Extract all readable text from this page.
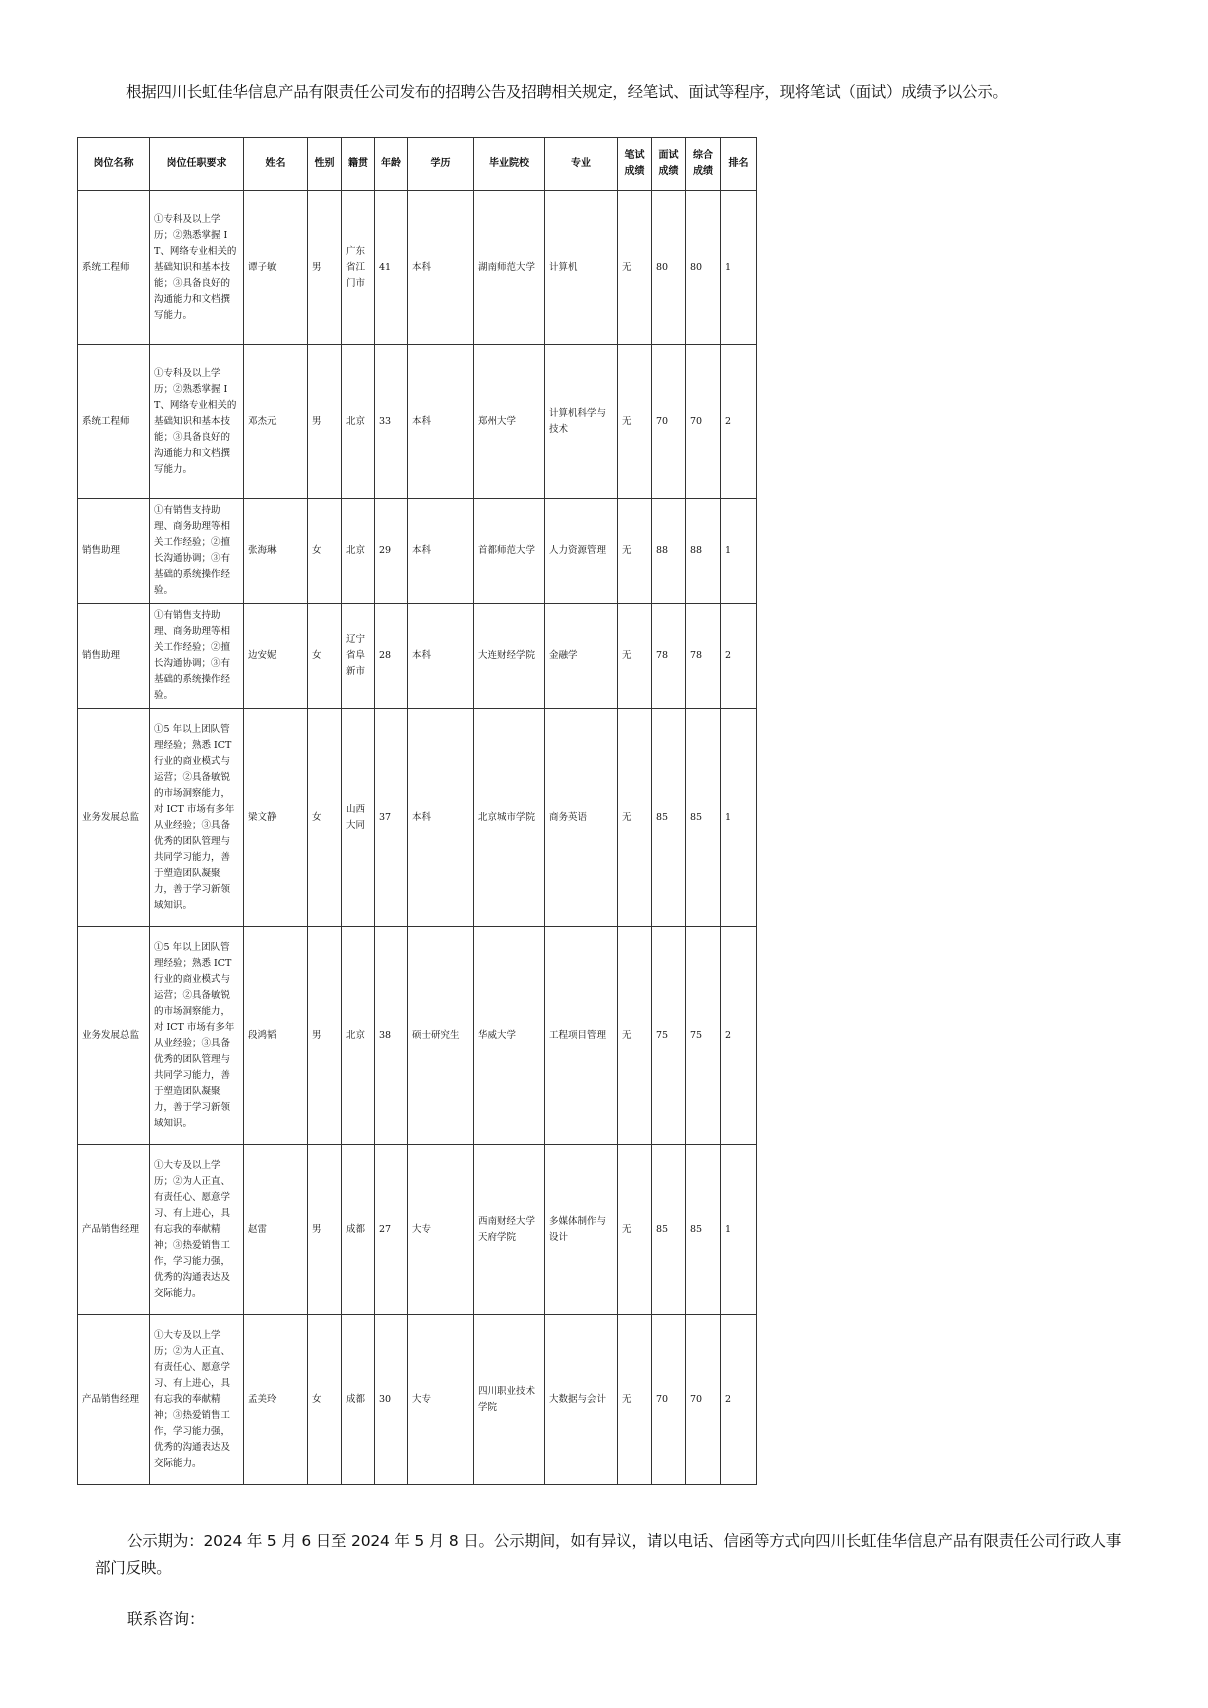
根据四川长虹佳华信息产品有限责任公司发布的招聘公告及招聘相关规定，经笔试、面试等程序，现将笔试（面试）成绩予以公示。
岗位名称	岗位任职要求	姓名	性别	籍贯	年龄	学历	毕业院校	专业	笔试成绩	面试成绩	综合成绩	排名
系统工程师	①专科及以上学历；②熟悉掌握 IT、网络专业相关的基础知识和基本技能；③具备良好的沟通能力和文档撰写能力。	谭子敏	男	广东省江门市	41	本科	湖南师范大学	计算机	无	80	80	1
系统工程师	①专科及以上学历；②熟悉掌握 IT、网络专业相关的基础知识和基本技能；③具备良好的沟通能力和文档撰写能力。	邓杰元	男	北京	33	本科	郑州大学	计算机科学与技术	无	70	70	2
销售助理	①有销售支持助理、商务助理等相关工作经验；②擅长沟通协调；③有基础的系统操作经验。	张海琳	女	北京	29	本科	首都师范大学	人力资源管理	无	88	88	1
销售助理	①有销售支持助理、商务助理等相关工作经验；②擅长沟通协调；③有基础的系统操作经验。	边安妮	女	辽宁省阜新市	28	本科	大连财经学院	金融学	无	78	78	2
业务发展总监	①5 年以上团队管理经验；熟悉 ICT 行业的商业模式与运营；②具备敏锐的市场洞察能力，对 ICT 市场有多年从业经验；③具备优秀的团队管理与共同学习能力，善于塑造团队凝聚力，善于学习新领域知识。	梁文静	女	山西大同	37	本科	北京城市学院	商务英语	无	85	85	1
业务发展总监	①5 年以上团队管理经验；熟悉 ICT 行业的商业模式与运营；②具备敏锐的市场洞察能力，对 ICT 市场有多年从业经验；③具备优秀的团队管理与共同学习能力，善于塑造团队凝聚力，善于学习新领域知识。	段鸿韬	男	北京	38	硕士研究生	华威大学	工程项目管理	无	75	75	2
产品销售经理	①大专及以上学历；②为人正直、有责任心、愿意学习、有上进心，具有忘我的奉献精神；③热爱销售工作，学习能力强，优秀的沟通表达及交际能力。	赵雷	男	成都	27	大专	西南财经大学天府学院	多媒体制作与设计	无	85	85	1
产品销售经理	①大专及以上学历；②为人正直、有责任心、愿意学习、有上进心，具有忘我的奉献精神；③热爱销售工作，学习能力强，优秀的沟通表达及交际能力。	孟美玲	女	成都	30	大专	四川职业技术学院	大数据与会计	无	70	70	2
公示期为：2024 年 5 月 6 日至 2024 年 5 月 8 日。公示期间，如有异议，请以电话、信函等方式向四川长虹佳华信息产品有限责任公司行政人事部门反映。
联系咨询：
